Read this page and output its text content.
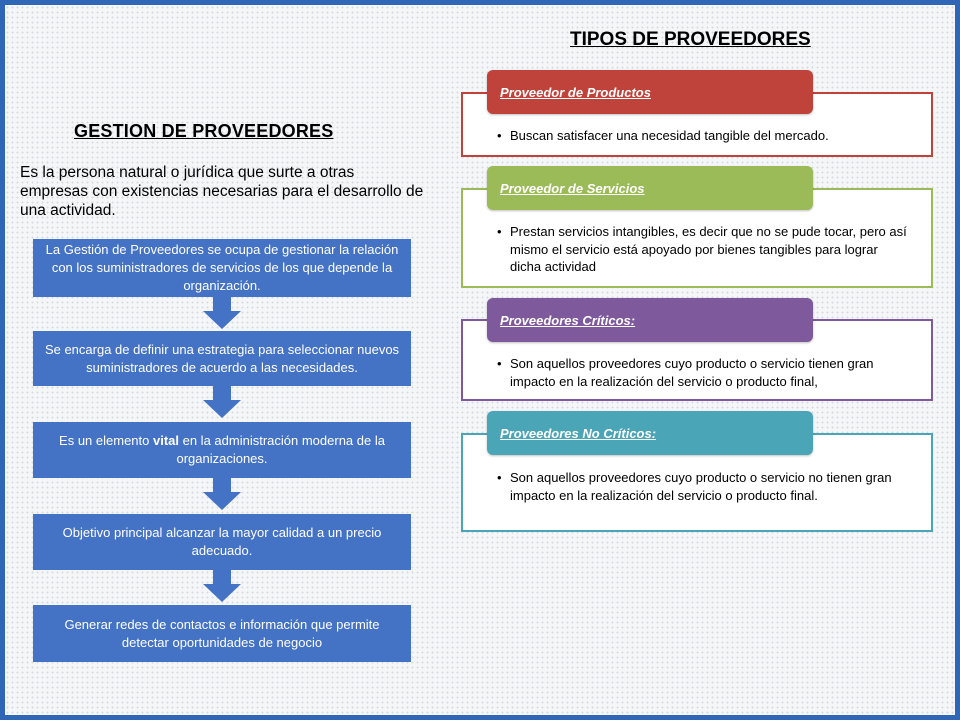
GESTION DE PROVEEDORES
Es la persona natural o jurídica que surte a otras empresas con existencias necesarias para el desarrollo de una actividad.
La Gestión de Proveedores se ocupa de gestionar la relación con los suministradores de servicios de los que depende la organización.
Se encarga de definir una estrategia para seleccionar nuevos suministradores de acuerdo a las necesidades.
Es un elemento vital en la administración moderna de la organizaciones.
Objetivo principal alcanzar la mayor calidad a un precio adecuado.
Generar redes de contactos e información que permite detectar oportunidades de negocio
TIPOS DE PROVEEDORES
Proveedor de Productos
• Buscan satisfacer una necesidad tangible del mercado.
Proveedor de Servicios
• Prestan servicios intangibles, es decir que no se pude tocar, pero así mismo el servicio está apoyado por bienes tangibles para lograr dicha actividad
Proveedores Críticos:
• Son aquellos proveedores cuyo producto o servicio tienen gran impacto en la realización del servicio o producto final,
Proveedores No Críticos:
• Son aquellos proveedores cuyo producto o servicio no tienen gran impacto en la realización del servicio o producto final.
